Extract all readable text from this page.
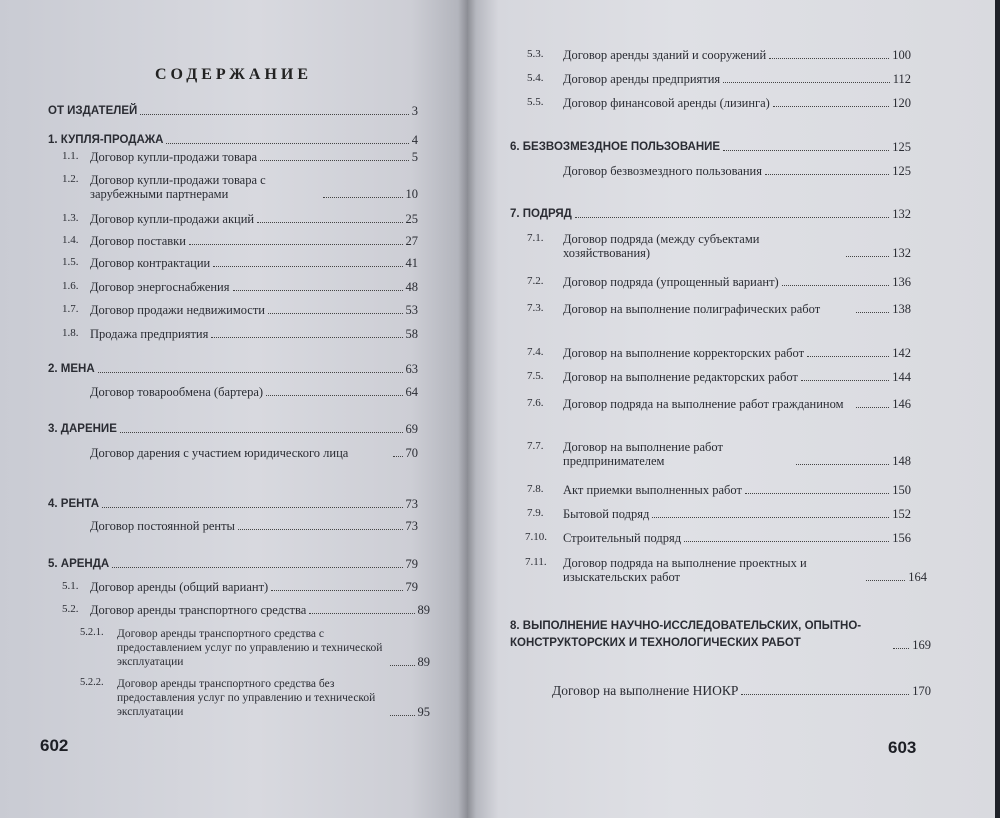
СОДЕРЖАНИЕ
ОТ ИЗДАТЕЛЕЙ	3
1. КУПЛЯ-ПРОДАЖА	4
1.1. Договор купли-продажи товара	5
1.2. Договор купли-продажи товара с зарубежными партнерами	10
1.3. Договор купли-продажи акций	25
1.4. Договор поставки	27
1.5. Договор контрактации	41
1.6. Договор энергоснабжения	48
1.7. Договор продажи недвижимости	53
1.8. Продажа предприятия	58
2. МЕНА	63
Договор товарообмена (бартера)	64
3. ДАРЕНИЕ	69
Договор дарения с участием юридического лица	70
4. РЕНТА	73
Договор постоянной ренты	73
5. АРЕНДА	79
5.1. Договор аренды (общий вариант)	79
5.2. Договор аренды транспортного средства	89
5.2.1. Договор аренды транспортного средства с предоставлением услуг по управлению и технической эксплуатации	89
5.2.2. Договор аренды транспортного средства без предоставления услуг по управлению и технической эксплуатации	95
602
5.3. Договор аренды зданий и сооружений	100
5.4. Договор аренды предприятия	112
5.5. Договор финансовой аренды (лизинга)	120
6. БЕЗВОЗМЕЗДНОЕ ПОЛЬЗОВАНИЕ	125
Договор безвозмездного пользования	125
7. ПОДРЯД	132
7.1. Договор подряда (между субъектами хозяйствования)	132
7.2. Договор подряда (упрощенный вариант)	136
7.3. Договор на выполнение полиграфических работ	138
7.4. Договор на выполнение корректорских работ	142
7.5. Договор на выполнение редакторских работ	144
7.6. Договор подряда на выполнение работ гражданином	146
7.7. Договор на выполнение работ предпринимателем	148
7.8. Акт приемки выполненных работ	150
7.9. Бытовой подряд	152
7.10. Строительный подряд	156
7.11. Договор подряда на выполнение проектных и изыскательских работ	164
8. ВЫПОЛНЕНИЕ НАУЧНО-ИССЛЕДОВАТЕЛЬСКИХ, ОПЫТНО-КОНСТРУКТОРСКИХ И ТЕХНОЛОГИЧЕСКИХ РАБОТ	169
Договор на выполнение НИОКР	170
603
